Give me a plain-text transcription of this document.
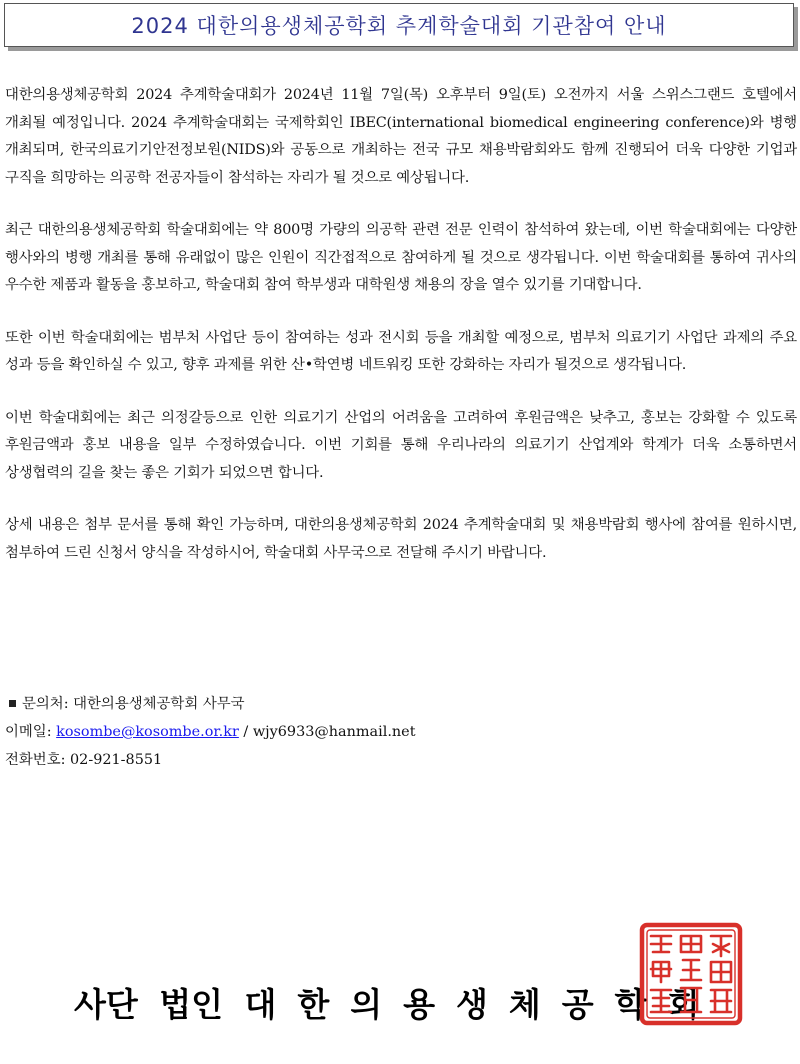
2024 대한의용생체공학회 추계학술대회 기관참여 안내

대한의용생체공학회 2024 추계학술대회가 2024년 11월 7일(목) 오후부터 9일(토) 오전까지 서울 스위스그랜드 호텔에서 개최될 예정입니다. 2024 추계학술대회는 국제학회인 IBEC(international biomedical engineering conference)와 병행 개최되며, 한국의료기기안전정보원(NIDS)와 공동으로 개최하는 전국 규모 채용박람회와도 함께 진행되어 더욱 다양한 기업과 구직을 희망하는 의공학 전공자들이 참석하는 자리가 될 것으로 예상됩니다.

최근 대한의용생체공학회 학술대회에는 약 800명 가량의 의공학 관련 전문 인력이 참석하여 왔는데, 이번 학술대회에는 다양한 행사와의 병행 개최를 통해 유래없이 많은 인원이 직간접적으로 참여하게 될 것으로 생각됩니다. 이번 학술대회를 통하여 귀사의 우수한 제품과 활동을 홍보하고, 학술대회 참여 학부생과 대학원생 채용의 장을 열수 있기를 기대합니다.

또한 이번 학술대회에는 범부처 사업단 등이 참여하는 성과 전시회 등을 개최할 예정으로, 범부처 의료기기 사업단 과제의 주요 성과 등을 확인하실 수 있고, 향후 과제를 위한 산•학연병 네트워킹 또한 강화하는 자리가 될것으로 생각됩니다.

이번 학술대회에는 최근 의정갈등으로 인한 의료기기 산업의 어려움을 고려하여 후원금액은 낮추고, 홍보는 강화할 수 있도록 후원금액과 홍보 내용을 일부 수정하였습니다. 이번 기회를 통해 우리나라의 의료기기 산업계와 학계가 더욱 소통하면서 상생협력의 길을 찾는 좋은 기회가 되었으면 합니다.

상세 내용은 첨부 문서를 통해 확인 가능하며, 대한의용생체공학회 2024 추계학술대회 및 채용박람회 행사에 참여를 원하시면, 첨부하여 드린 신청서 양식을 작성하시어, 학술대회 사무국으로 전달해 주시기 바랍니다.

문의처: 대한의용생체공학회 사무국
이메일: kosombe@kosombe.or.kr / wjy6933@hanmail.net
전화번호: 02-921-8551
사단 법인 대한의용생체공학회
